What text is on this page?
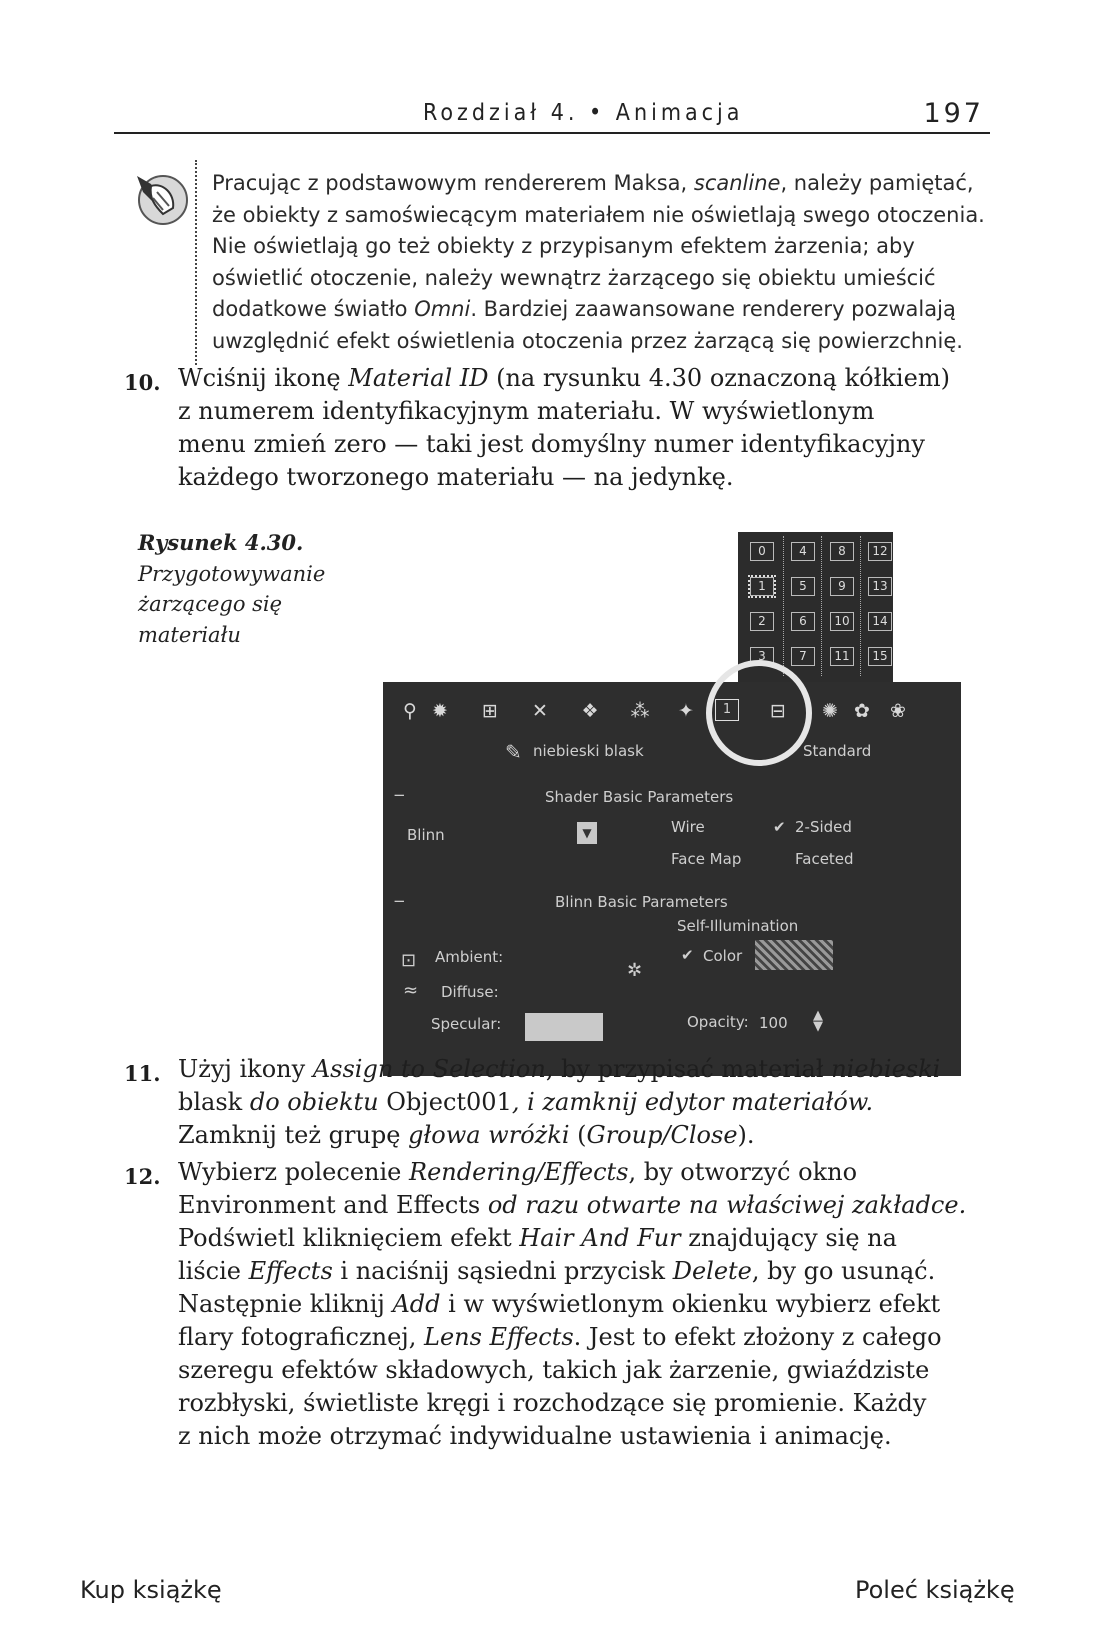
Rozdział 4. • Animacja	197
Pracując z podstawowym rendererem Maksa, scanline, należy pamiętać,
że obiekty z samoświecącym materiałem nie oświetlają swego otoczenia.
Nie oświetlają go też obiekty z przypisanym efektem żarzenia; aby
oświetlić otoczenie, należy wewnątrz żarzącego się obiektu umieścić
dodatkowe światło Omni. Bardziej zaawansowane renderery pozwalają
uwzględnić efekt oświetlenia otoczenia przez żarzącą się powierzchnię.
10. Wciśnij ikonę Material ID (na rysunku 4.30 oznaczoną kółkiem)
z numerem identyfikacyjnym materiału. W wyświetlonym
menu zmień zero — taki jest domyślny numer identyfikacyjny
każdego tworzonego materiału — na jedynkę.
Rysunek 4.30.
Przygotowywanie
żarzącego się
materiału
0	4	8	12
1	5	9	13
2	6	10	14
3	7	11	15
⚲ ✹ ⊞ ✕ ❖ ⁂ ✦	1	⊟ ✺ ✿ ❀
✎ niebieski blask	Standard
−	Shader Basic Parameters
Blinn	▼	Wire	✔ 2-Sided
Face Map	Faceted
−	Blinn Basic Parameters
Self-Illumination
✔ Color
⊡
≈
Ambient:
Diffuse:
Specular:
✲
Opacity: 100 ▲
▼
11. Użyj ikony Assign to Selection, by przypisać materiał niebieski
blask do obiektu Object001, i zamknij edytor materiałów.
Zamknij też grupę głowa wróżki (Group/Close).
12. Wybierz polecenie Rendering/Effects, by otworzyć okno
Environment and Effects od razu otwarte na właściwej zakładce.
Podświetl kliknięciem efekt Hair And Fur znajdujący się na
liście Effects i naciśnij sąsiedni przycisk Delete, by go usunąć.
Następnie kliknij Add i w wyświetlonym okienku wybierz efekt
flary fotograficznej, Lens Effects. Jest to efekt złożony z całego
szeregu efektów składowych, takich jak żarzenie, gwiaździste
rozbłyski, świetliste kręgi i rozchodzące się promienie. Każdy
z nich może otrzymać indywidualne ustawienia i animację.
Kup książkę	Poleć książkę
